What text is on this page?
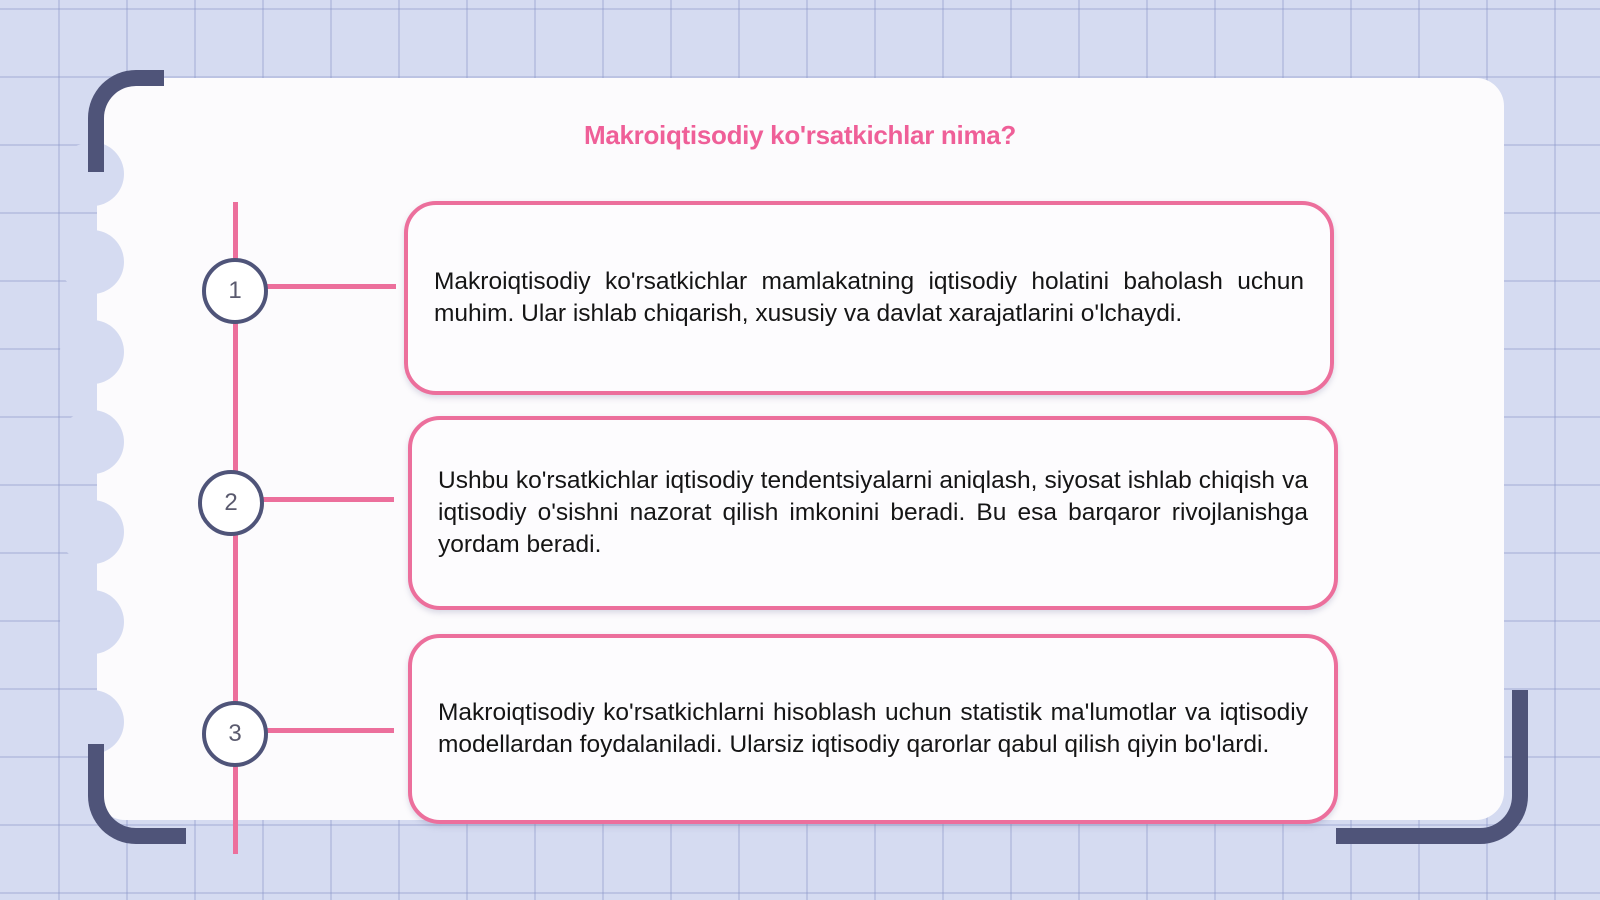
Makroiqtisodiy ko'rsatkichlar nima?
1
2
3

Makroiqtisodiy ko'rsatkichlar mamlakatning iqtisodiy holatini baholash uchun muhim. Ular ishlab chiqarish, xususiy va davlat xarajatlarini o'lchaydi.

Ushbu ko'rsatkichlar iqtisodiy tendentsiyalarni aniqlash, siyosat ishlab chiqish va iqtisodiy o'sishni nazorat qilish imkonini beradi. Bu esa barqaror rivojlanishga yordam beradi.

Makroiqtisodiy ko'rsatkichlarni hisoblash uchun statistik ma'lumotlar va iqtisodiy modellardan foydalaniladi. Ularsiz iqtisodiy qarorlar qabul qilish qiyin bo'lardi.
